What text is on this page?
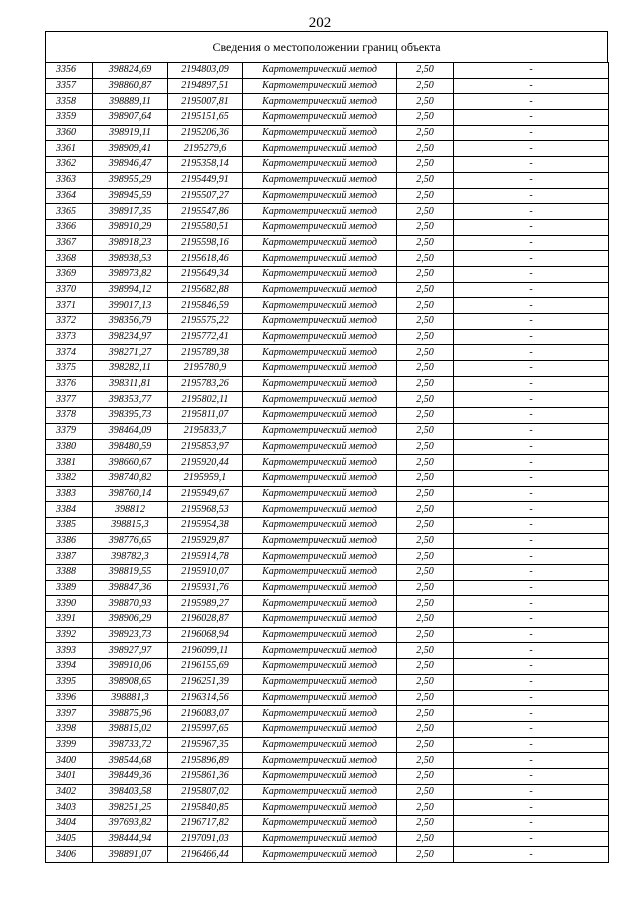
202
Сведения о местоположении границ объекта
3356	398824,69	2194803,09	Картометрический метод	2,50	-
3357	398860,87	2194897,51	Картометрический метод	2,50	-
3358	398889,11	2195007,81	Картометрический метод	2,50	-
3359	398907,64	2195151,65	Картометрический метод	2,50	-
3360	398919,11	2195206,36	Картометрический метод	2,50	-
3361	398909,41	2195279,6	Картометрический метод	2,50	-
3362	398946,47	2195358,14	Картометрический метод	2,50	-
3363	398955,29	2195449,91	Картометрический метод	2,50	-
3364	398945,59	2195507,27	Картометрический метод	2,50	-
3365	398917,35	2195547,86	Картометрический метод	2,50	-
3366	398910,29	2195580,51	Картометрический метод	2,50	-
3367	398918,23	2195598,16	Картометрический метод	2,50	-
3368	398938,53	2195618,46	Картометрический метод	2,50	-
3369	398973,82	2195649,34	Картометрический метод	2,50	-
3370	398994,12	2195682,88	Картометрический метод	2,50	-
3371	399017,13	2195846,59	Картометрический метод	2,50	-
3372	398356,79	2195575,22	Картометрический метод	2,50	-
3373	398234,97	2195772,41	Картометрический метод	2,50	-
3374	398271,27	2195789,38	Картометрический метод	2,50	-
3375	398282,11	2195780,9	Картометрический метод	2,50	-
3376	398311,81	2195783,26	Картометрический метод	2,50	-
3377	398353,77	2195802,11	Картометрический метод	2,50	-
3378	398395,73	2195811,07	Картометрический метод	2,50	-
3379	398464,09	2195833,7	Картометрический метод	2,50	-
3380	398480,59	2195853,97	Картометрический метод	2,50	-
3381	398660,67	2195920,44	Картометрический метод	2,50	-
3382	398740,82	2195959,1	Картометрический метод	2,50	-
3383	398760,14	2195949,67	Картометрический метод	2,50	-
3384	398812	2195968,53	Картометрический метод	2,50	-
3385	398815,3	2195954,38	Картометрический метод	2,50	-
3386	398776,65	2195929,87	Картометрический метод	2,50	-
3387	398782,3	2195914,78	Картометрический метод	2,50	-
3388	398819,55	2195910,07	Картометрический метод	2,50	-
3389	398847,36	2195931,76	Картометрический метод	2,50	-
3390	398870,93	2195989,27	Картометрический метод	2,50	-
3391	398906,29	2196028,87	Картометрический метод	2,50	-
3392	398923,73	2196068,94	Картометрический метод	2,50	-
3393	398927,97	2196099,11	Картометрический метод	2,50	-
3394	398910,06	2196155,69	Картометрический метод	2,50	-
3395	398908,65	2196251,39	Картометрический метод	2,50	-
3396	398881,3	2196314,56	Картометрический метод	2,50	-
3397	398875,96	2196083,07	Картометрический метод	2,50	-
3398	398815,02	2195997,65	Картометрический метод	2,50	-
3399	398733,72	2195967,35	Картометрический метод	2,50	-
3400	398544,68	2195896,89	Картометрический метод	2,50	-
3401	398449,36	2195861,36	Картометрический метод	2,50	-
3402	398403,58	2195807,02	Картометрический метод	2,50	-
3403	398251,25	2195840,85	Картометрический метод	2,50	-
3404	397693,82	2196717,82	Картометрический метод	2,50	-
3405	398444,94	2197091,03	Картометрический метод	2,50	-
3406	398891,07	2196466,44	Картометрический метод	2,50	-
